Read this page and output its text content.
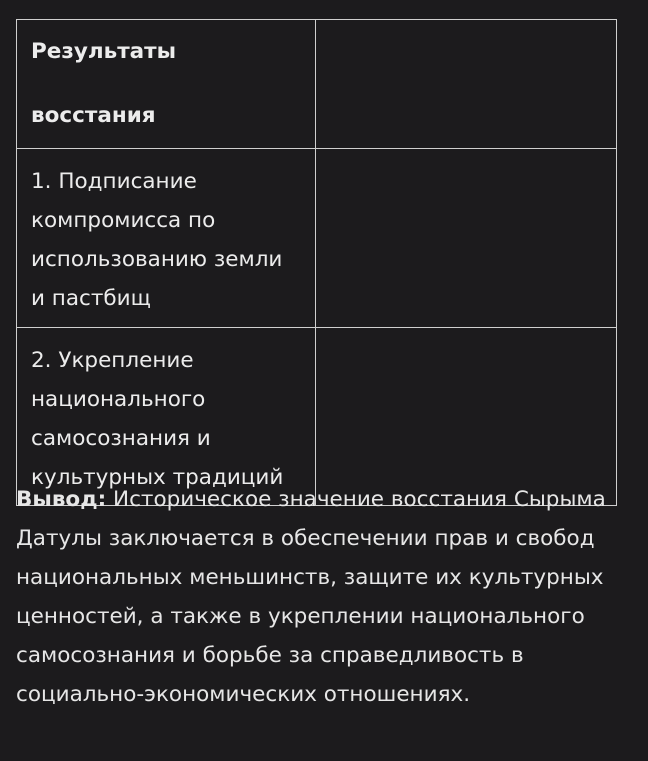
Результаты восстания	
1. Подписание компромисса по использованию земли и пастбищ	
2. Укрепление национального самосознания и культурных традиций	

Вывод: Историческое значение восстания Сырыма Датулы заключается в обеспечении прав и свобод национальных меньшинств, защите их культурных ценностей, а также в укреплении национального самосознания и борьбе за справедливость в социально-экономических отношениях.
